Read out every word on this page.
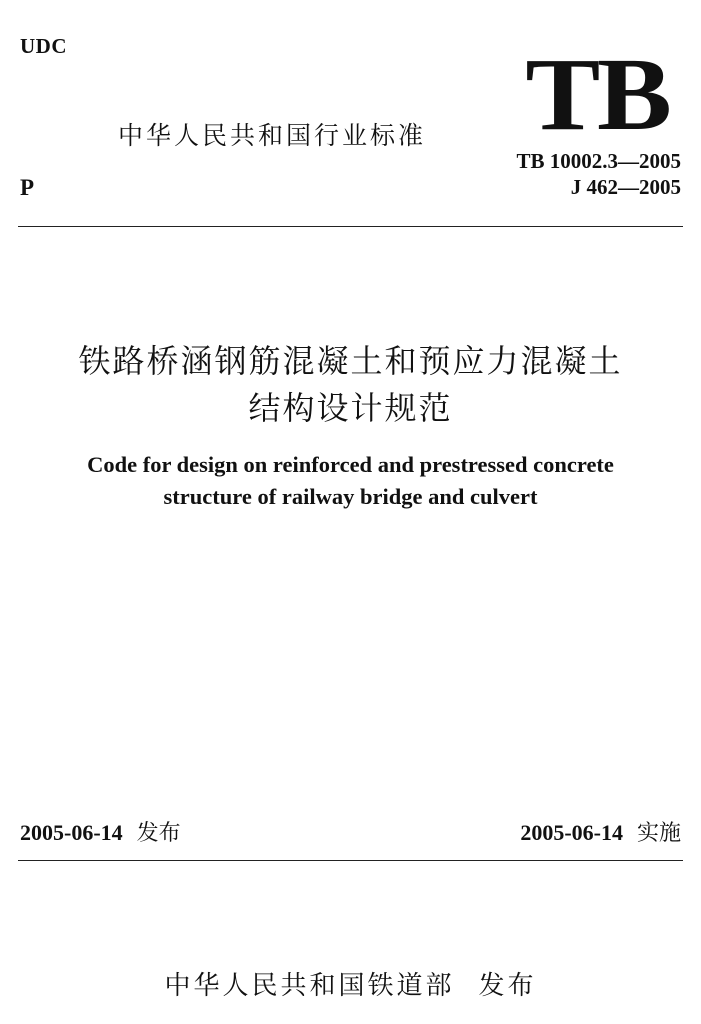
UDC
P
中华人民共和国行业标准 TB
TB 10002.3—2005
J 462—2005
铁路桥涵钢筋混凝土和预应力混凝土
结构设计规范
Code for design on reinforced and prestressed concrete
structure of railway bridge and culvert
2005-06-14 发布	2005-06-14 实施
中华人民共和国铁道部 发布
